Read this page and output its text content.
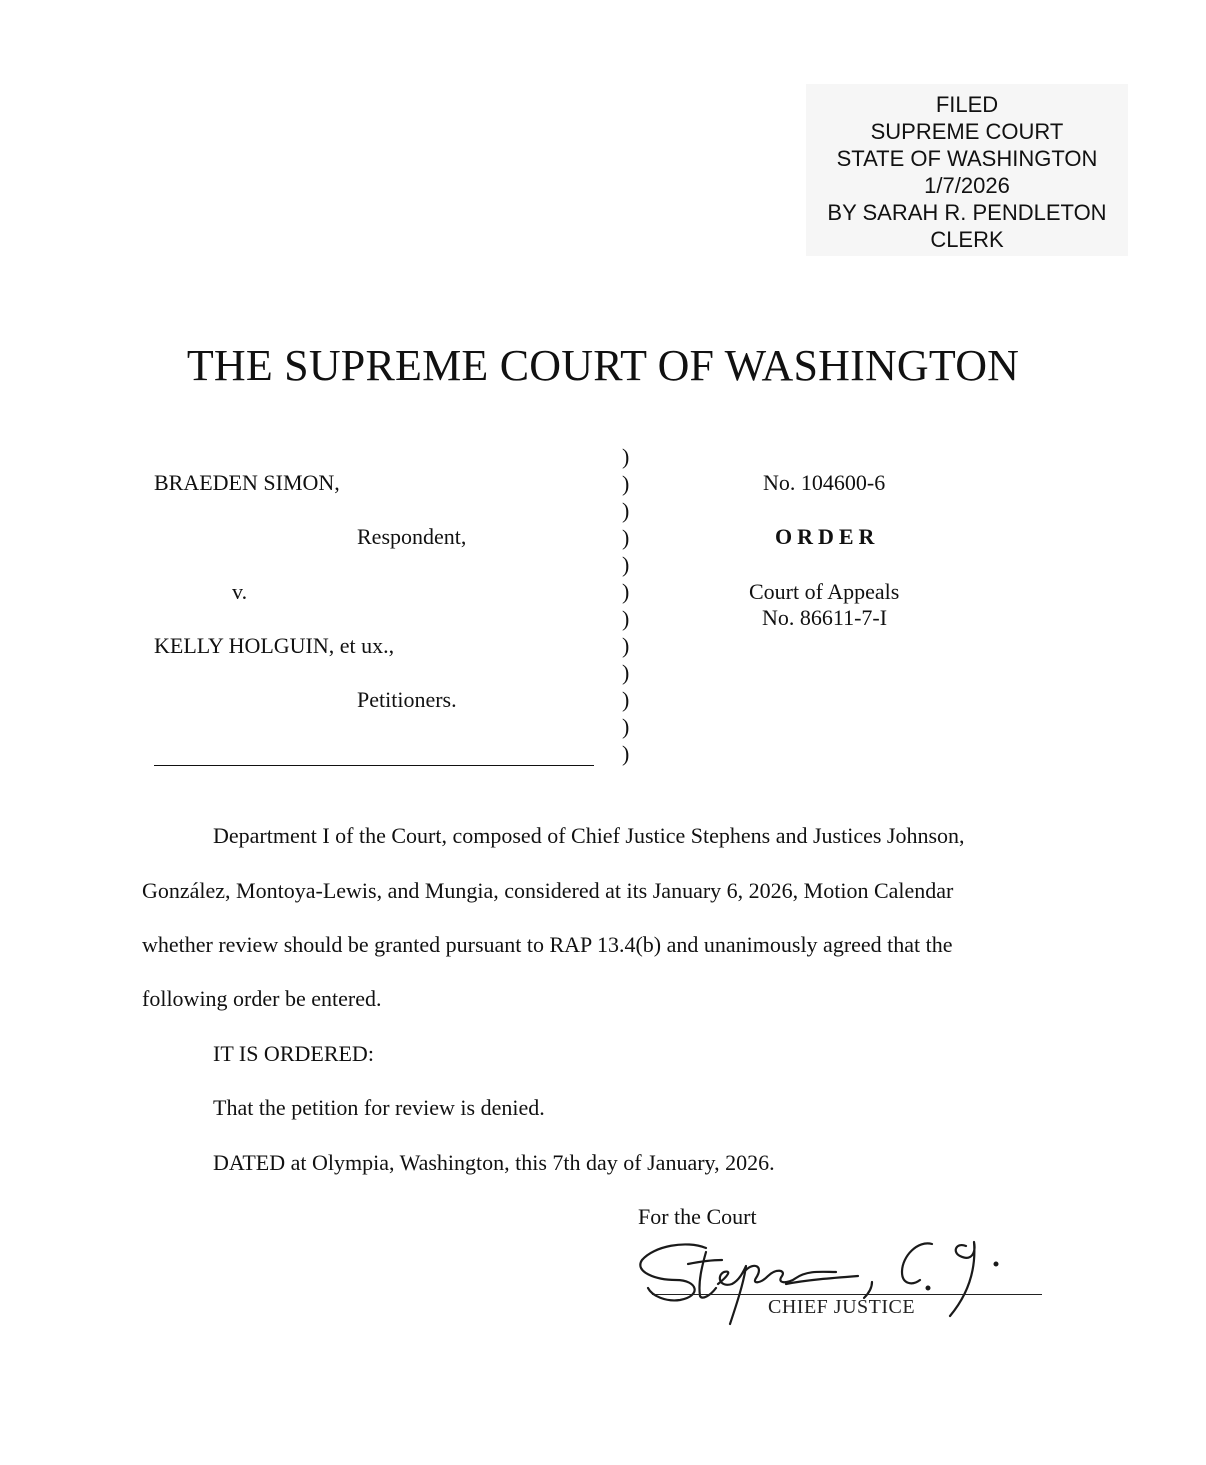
FILED
SUPREME COURT
STATE OF WASHINGTON
1/7/2026
BY SARAH R. PENDLETON
CLERK
THE SUPREME COURT OF WASHINGTON
BRAEDEN SIMON,
Respondent,
v.
KELLY HOLGUIN, et ux.,
Petitioners.
)
)
)
)
)
)
)
)
)
)
)
)
No. 104600-6
ORDER
Court of Appeals
No. 86611-7-I
Department I of the Court, composed of Chief Justice Stephens and Justices Johnson,
González, Montoya-Lewis, and Mungia, considered at its January 6, 2026, Motion Calendar
whether review should be granted pursuant to RAP 13.4(b) and unanimously agreed that the
following order be entered.
IT IS ORDERED:
That the petition for review is denied.
DATED at Olympia, Washington, this 7th day of January, 2026.
For the Court
CHIEF JUSTICE
